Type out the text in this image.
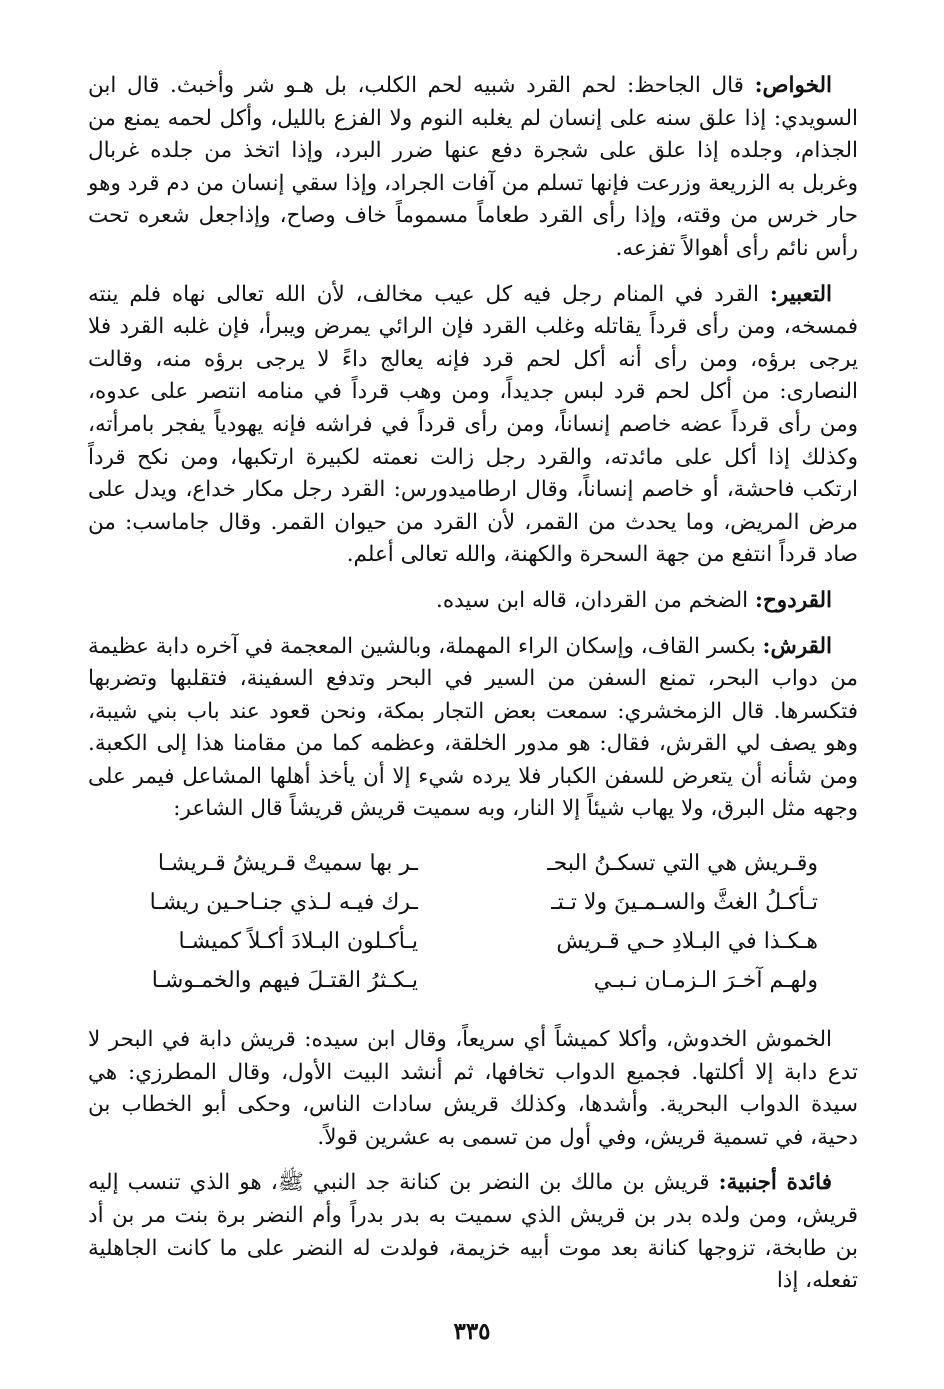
الخواص: قال الجاحظ: لحم القرد شبيه لحم الكلب، بل هـو شر وأخبث. قال ابن السويدي: إذا علق سنه على إنسان لم يغلبه النوم ولا الفزع بالليل، وأكل لحمه يمنع من الجذام، وجلده إذا علق على شجرة دفع عنها ضرر البرد، وإذا اتخذ من جلده غربال وغربل به الزريعة وزرعت فإنها تسلم من آفات الجراد، وإذا سقي إنسان من دم قرد وهو حار خرس من وقته، وإذا رأى القرد طعاماً مسموماً خاف وصاح، وإذاجعل شعره تحت رأس نائم رأى أهوالاً تفزعه.

التعبير: القرد في المنام رجل فيه كل عيب مخالف، لأن الله تعالى نهاه فلم ينته فمسخه، ومن رأى قرداً يقاتله وغلب القرد فإن الرائي يمرض ويبرأ، فإن غلبه القرد فلا يرجى برؤه، ومن رأى أنه أكل لحم قرد فإنه يعالج داءً لا يرجى برؤه منه، وقالت النصارى: من أكل لحم قرد لبس جديداً، ومن وهب قرداً في منامه انتصر على عدوه، ومن رأى قرداً عضه خاصم إنساناً، ومن رأى قرداً في فراشه فإنه يهودياً يفجر بامرأته، وكذلك إذا أكل على مائدته، والقرد رجل زالت نعمته لكبيرة ارتكبها، ومن نكح قرداً ارتكب فاحشة، أو خاصم إنساناً، وقال ارطاميدورس: القرد رجل مكار خداع، ويدل على مرض المريض، وما يحدث من القمر، لأن القرد من حيوان القمر. وقال جاماسب: من صاد قرداً انتفع من جهة السحرة والكهنة، والله تعالى أعلم.

القردوح: الضخم من القردان، قاله ابن سيده.

القرش: بكسر القاف، وإسكان الراء المهملة، وبالشين المعجمة في آخره دابة عظيمة من دواب البحر، تمنع السفن من السير في البحر وتدفع السفينة، فتقلبها وتضربها فتكسرها. قال الزمخشري: سمعت بعض التجار بمكة، ونحن قعود عند باب بني شيبة، وهو يصف لي القرش، فقال: هو مدور الخلقة، وعظمه كما من مقامنا هذا إلى الكعبة. ومن شأنه أن يتعرض للسفن الكبار فلا يرده شيء إلا أن يأخذ أهلها المشاعل فيمر على وجهه مثل البرق، ولا يهاب شيئاً إلا النار، وبه سميت قريش قريشاً قال الشاعر:

وقـريش هي التي تسكـنُ البحـ
ـر بها سميتْ قـريشُ قـريشـا
تـأكـلُ الغثَّ والسـمـينَ ولا تـتـ
ـرك فيـه لـذي جنـاحـين ريشـا
هـكـذا في البـلادِ حـي قـريش
يـأكـلون البـلادَ أكـلاً كميشـا
ولهـم آخـرَ الـزمـان نـبـي
يـكـثرُ القتـلَ فيهم والخمـوشـا

الخموش الخدوش، وأكلا كميشاً أي سريعاً، وقال ابن سيده: قريش دابة في البحر لا تدع دابة إلا أكلتها. فجميع الدواب تخافها، ثم أنشد البيت الأول، وقال المطرزي: هي سيدة الدواب البحرية. وأشدها، وكذلك قريش سادات الناس، وحكى أبو الخطاب بن دحية، في تسمية قريش، وفي أول من تسمى به عشرين قولاً.

فائدة أجنبية: قريش بن مالك بن النضر بن كنانة جد النبي ﷺ، هو الذي تنسب إليه قريش، ومن ولده بدر بن قريش الذي سميت به بدر بدراً وأم النضر برة بنت مر بن أد بن طابخة، تزوجها كنانة بعد موت أبيه خزيمة، فولدت له النضر على ما كانت الجاهلية تفعله، إذا

٣٣٥
